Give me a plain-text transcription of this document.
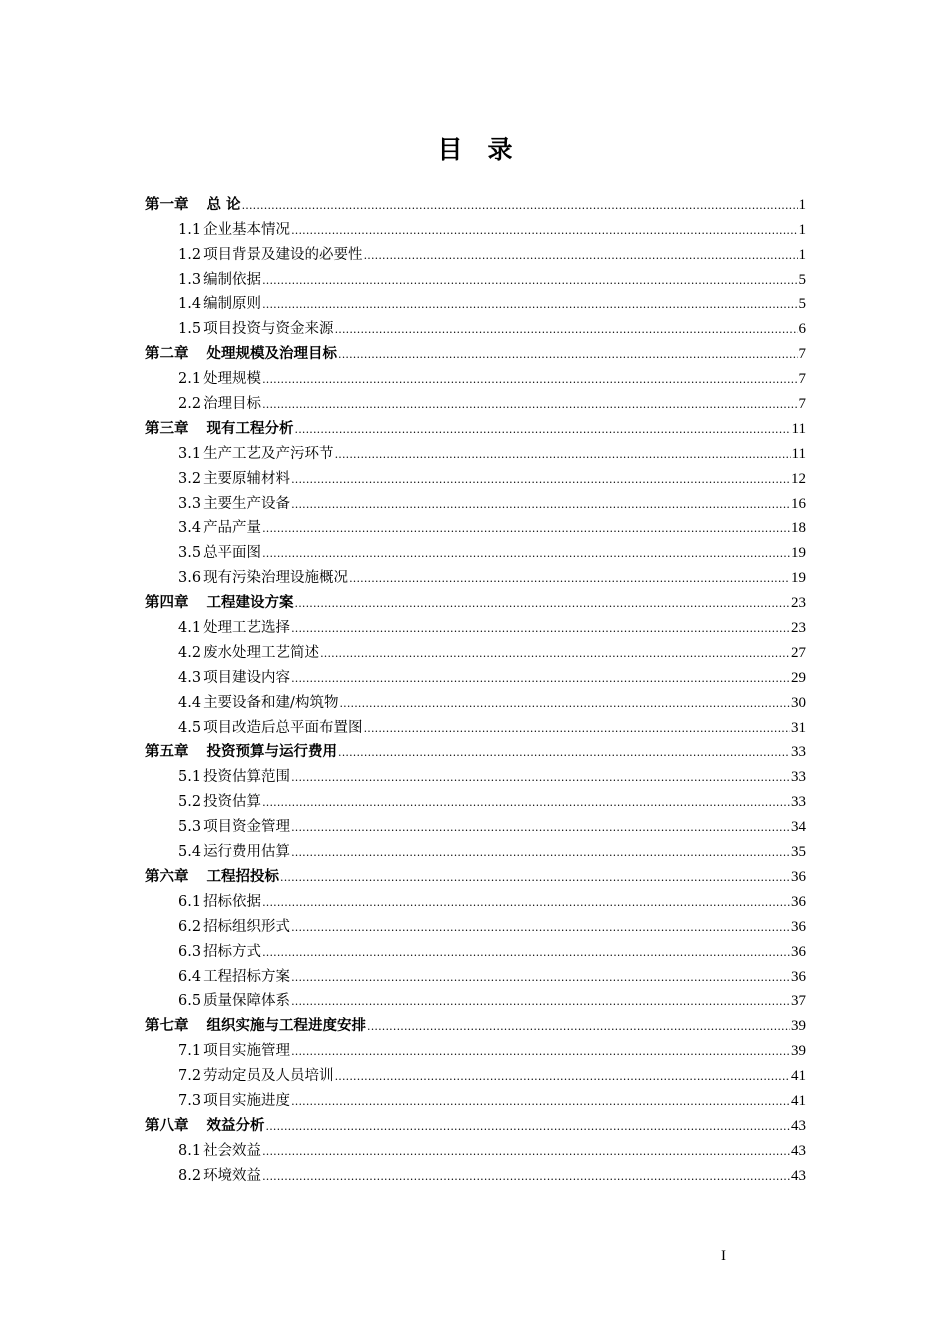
目　录
第一章 总 论 .....	1
1.1 企业基本情况 .....	1
1.2 项目背景及建设的必要性 .....	1
1.3 编制依据 .....	5
1.4 编制原则 .....	5
1.5 项目投资与资金来源 .....	6
第二章 处理规模及治理目标 .....	7
2.1 处理规模 .....	7
2.2 治理目标 .....	7
第三章 现有工程分析 .....	11
3.1 生产工艺及产污环节 .....	11
3.2 主要原辅材料 .....	12
3.3 主要生产设备 .....	16
3.4 产品产量 .....	18
3.5 总平面图 .....	19
3.6 现有污染治理设施概况 .....	19
第四章 工程建设方案 .....	23
4.1 处理工艺选择 .....	23
4.2 废水处理工艺简述 .....	27
4.3 项目建设内容 .....	29
4.4 主要设备和建/构筑物 .....	30
4.5 项目改造后总平面布置图 .....	31
第五章 投资预算与运行费用 .....	33
5.1 投资估算范围 .....	33
5.2 投资估算 .....	33
5.3 项目资金管理 .....	34
5.4 运行费用估算 .....	35
第六章 工程招投标 .....	36
6.1 招标依据 .....	36
6.2 招标组织形式 .....	36
6.3 招标方式 .....	36
6.4 工程招标方案 .....	36
6.5 质量保障体系 .....	37
第七章 组织实施与工程进度安排 .....	39
7.1 项目实施管理 .....	39
7.2 劳动定员及人员培训 .....	41
7.3 项目实施进度 .....	41
第八章 效益分析 .....	43
8.1 社会效益 .....	43
8.2 环境效益 .....	43
I
